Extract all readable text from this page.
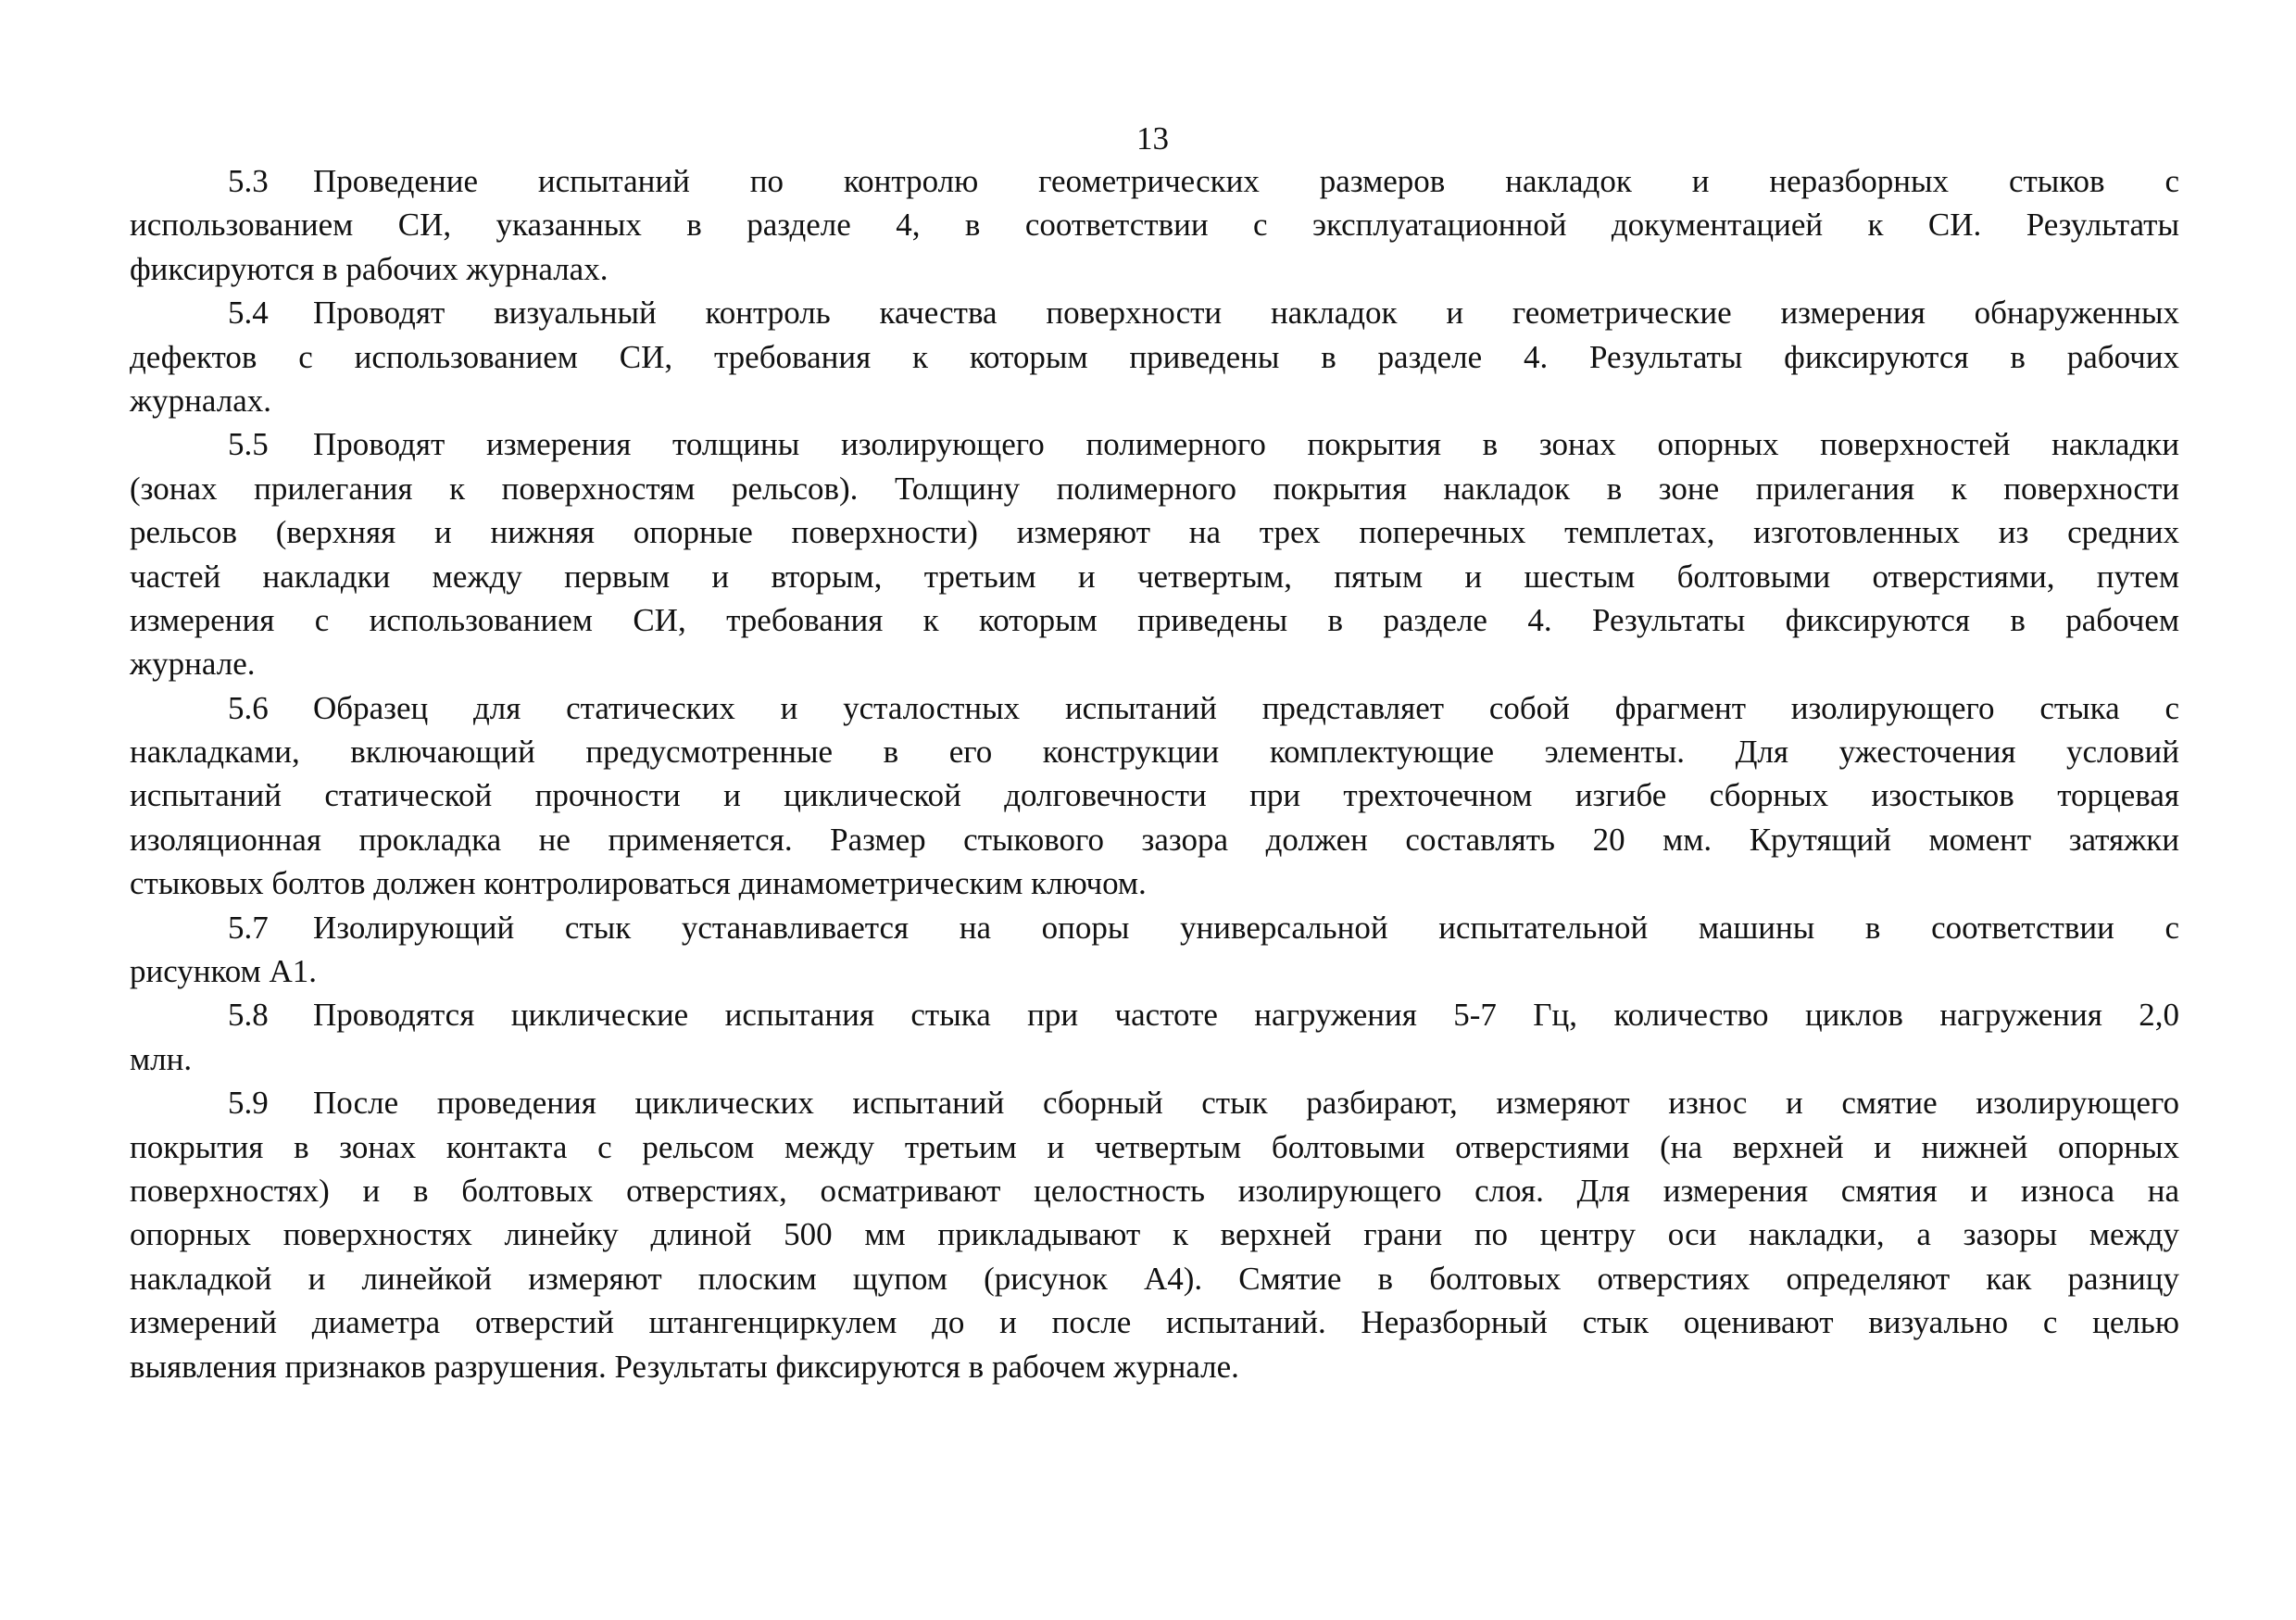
13
5.3	Проведение испытаний по контролю геометрических размеров накладок и неразборных стыков с
использованием СИ, указанных в разделе 4, в соответствии с эксплуатационной документацией к СИ. Результаты
фиксируются в рабочих журналах.
5.4	Проводят визуальный контроль качества поверхности накладок и геометрические измерения обнаруженных
дефектов с использованием СИ, требования к которым приведены в разделе 4. Результаты фиксируются в рабочих
журналах.
5.5	Проводят измерения толщины изолирующего полимерного покрытия в зонах опорных поверхностей накладки
(зонах прилегания к поверхностям рельсов). Толщину полимерного покрытия накладок в зоне прилегания к поверхности
рельсов (верхняя и нижняя опорные поверхности) измеряют на трех поперечных темплетах, изготовленных из средних
частей накладки между первым и вторым, третьим и четвертым, пятым и шестым болтовыми отверстиями, путем
измерения с использованием СИ, требования к которым приведены в разделе 4. Результаты фиксируются в рабочем
журнале.
5.6	Образец для статических и усталостных испытаний представляет собой фрагмент изолирующего стыка с
накладками, включающий предусмотренные в его конструкции комплектующие элементы. Для ужесточения условий
испытаний статической прочности и циклической долговечности при трехточечном изгибе сборных изостыков торцевая
изоляционная прокладка не применяется. Размер стыкового зазора должен составлять 20 мм. Крутящий момент затяжки
стыковых болтов должен контролироваться динамометрическим ключом.
5.7	Изолирующий стык устанавливается на опоры универсальной испытательной машины в соответствии с
рисунком А1.
5.8	Проводятся циклические испытания стыка при частоте нагружения 5-7 Гц, количество циклов нагружения 2,0
млн.
5.9	После проведения циклических испытаний сборный стык разбирают, измеряют износ и смятие изолирующего
покрытия в зонах контакта с рельсом между третьим и четвертым болтовыми отверстиями (на верхней и нижней опорных
поверхностях) и в болтовых отверстиях, осматривают целостность изолирующего слоя. Для измерения смятия и износа на
опорных поверхностях линейку длиной 500 мм прикладывают к верхней грани по центру оси накладки, а зазоры между
накладкой и линейкой измеряют плоским щупом (рисунок А4). Смятие в болтовых отверстиях определяют как разницу
измерений диаметра отверстий штангенциркулем до и после испытаний. Неразборный стык оценивают визуально с целью
выявления признаков разрушения. Результаты фиксируются в рабочем журнале.
